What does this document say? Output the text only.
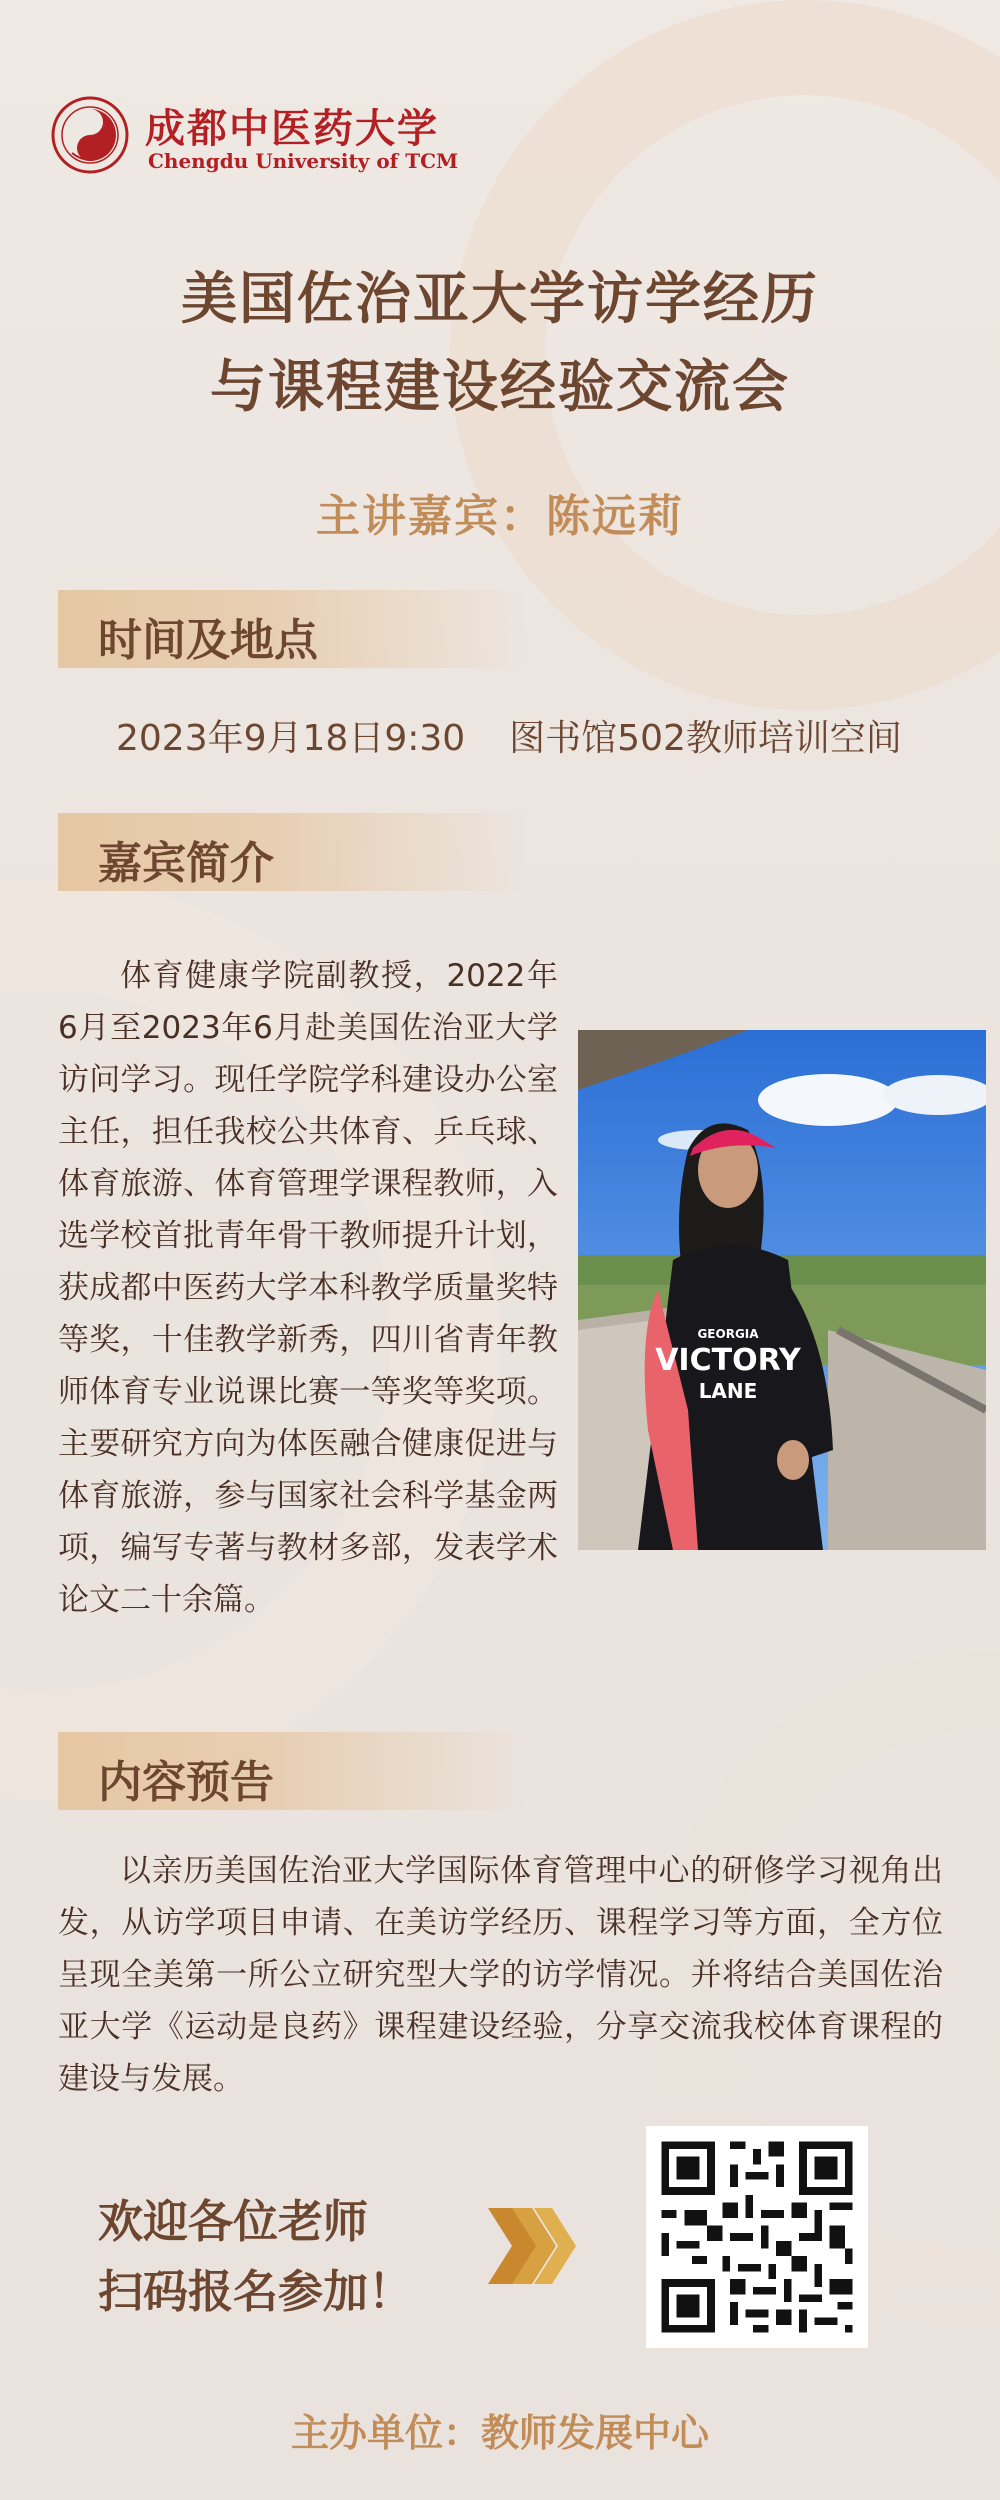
成都中医药大学
Chengdu University of TCM
美国佐治亚大学访学经历
与课程建设经验交流会
主讲嘉宾：陈远莉
时间及地点
2023年9月18日9:30 图书馆502教师培训空间
嘉宾简介

体育健康学院副教授，2022年6月至2023年6月赴美国佐治亚大学访问学习。现任学院学科建设办公室主任，担任我校公共体育、乒乓球、体育旅游、体育管理学课程教师，入选学校首批青年骨干教师提升计划，获成都中医药大学本科教学质量奖特等奖，十佳教学新秀，四川省青年教师体育专业说课比赛一等奖等奖项。主要研究方向为体医融合健康促进与体育旅游，参与国家社会科学基金两项，编写专著与教材多部，发表学术论文二十余篇。

GEORGIA
VICTORY
LANE
内容预告

以亲历美国佐治亚大学国际体育管理中心的研修学习视角出发，从访学项目申请、在美访学经历、课程学习等方面，全方位呈现全美第一所公立研究型大学的访学情况。并将结合美国佐治亚大学《运动是良药》课程建设经验，分享交流我校体育课程的建设与发展。

欢迎各位老师
扫码报名参加！
主办单位：教师发展中心
